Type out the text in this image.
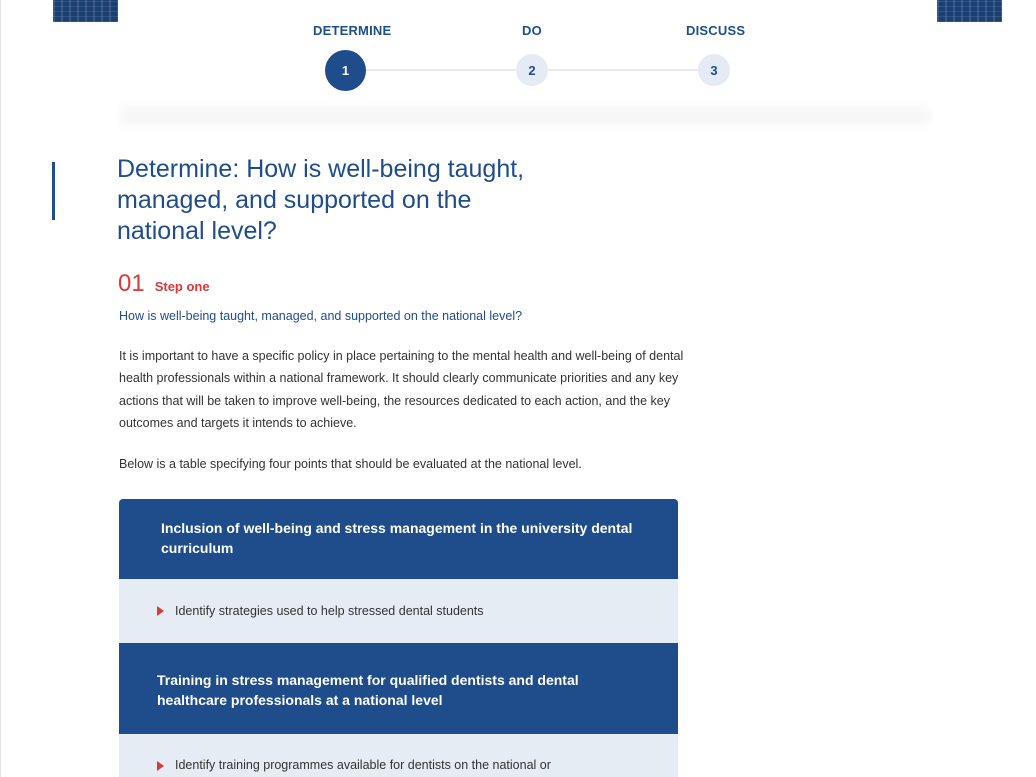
DETERMINE	DO	DISCUSS
1	2	3
Determine: How is well-being taught, managed, and supported on the national level?
01 Step one
How is well-being taught, managed, and supported on the national level?

It is important to have a specific policy in place pertaining to the mental health and well-being of dental health professionals within a national framework. It should clearly communicate priorities and any key actions that will be taken to improve well-being, the resources dedicated to each action, and the key outcomes and targets it intends to achieve.

Below is a table specifying four points that should be evaluated at the national level.

Inclusion of well-being and stress management in the university dental curriculum
Identify strategies used to help stressed dental students
Training in stress management for qualified dentists and dental healthcare professionals at a national level
Identify training programmes available for dentists on the national or
